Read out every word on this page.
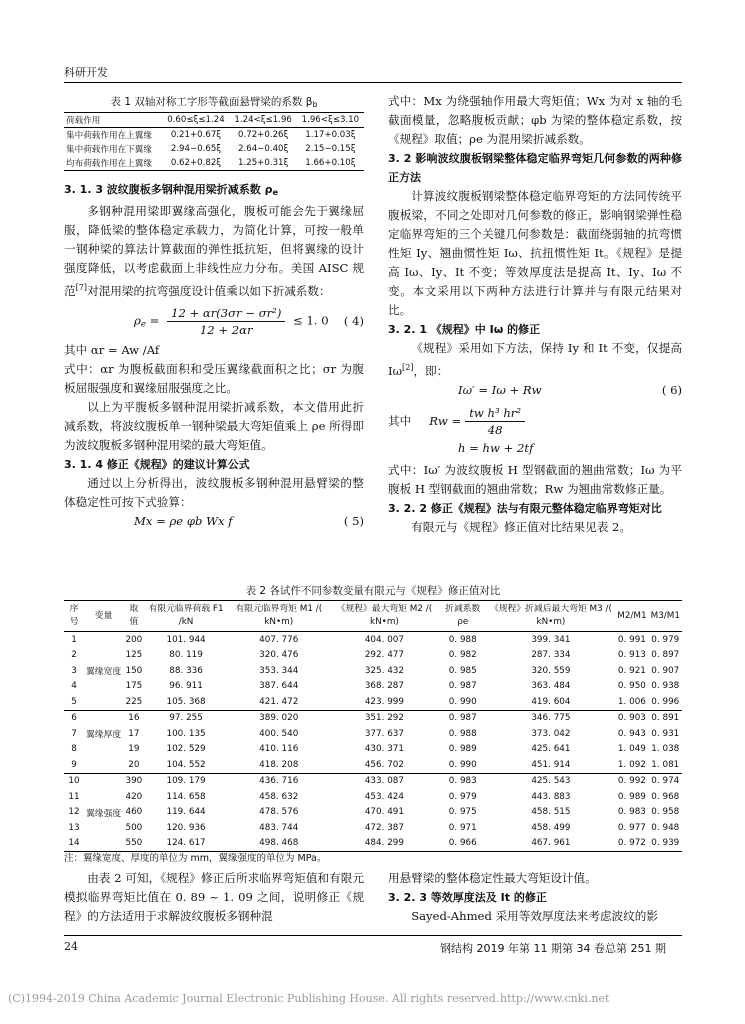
科研开发
表 1 双轴对称工字形等截面悬臂梁的系数 $\beta_b$
荷载作用	0.60≤ξ≤1.24	1.24<ξ≤1.96	1.96<ξ≤3.10
集中荷载作用在上翼缘	0.21+0.67ξ	0.72+0.26ξ	1.17+0.03ξ
集中荷载作用在下翼缘	2.94−0.65ξ	2.64−0.40ξ	2.15−0.15ξ
均布荷载作用在上翼缘	0.62+0.82ξ	1.25+0.31ξ	1.66+0.10ξ

3. 1. 3 波纹腹板多钢种混用梁折减系数 $\rho_e$

多钢种混用梁即翼缘高强化，腹板可能会先于翼缘屈服，降低梁的整体稳定承载力，为简化计算，可按一般单一钢种梁的算法计算截面的弹性抵抗矩，但将翼缘的设计强度降低，以考虑截面上非线性应力分布。美国 AISC 规范[7]对混用梁的抗弯强度设计值乘以如下折减系数：

$\rho_e = \frac{\text{12 + αr(3σr − σr²)}}{12 + 2\alpha r} \le 1$. 0 ( 4)

其中 αr = Aw /Af

式中：αr 为腹板截面积和受压翼缘截面积之比；σr 为腹板屈服强度和翼缘屈服强度之比。

以上为平腹板多钢种混用梁折减系数，本文借用此折减系数，将波纹腹板单一钢种梁最大弯矩值乘上 ρe 所得即为波纹腹板多钢种混用梁的最大弯矩值。

3. 1. 4 修正《规程》的建议计算公式

通过以上分析得出，波纹腹板多钢种混用悬臂梁的整体稳定性可按下式验算：

Mx = ρe φb Wx f	( 5)

式中：Mx 为绕强轴作用最大弯矩值；Wx 为对 x 轴的毛截面模量，忽略腹板贡献；φb 为梁的整体稳定系数，按《规程》取值；ρe 为混用梁折减系数。

3. 2 影响波纹腹板钢梁整体稳定临界弯矩几何参数的两种修正方法

计算波纹腹板钢梁整体稳定临界弯矩的方法同传统平腹板梁，不同之处即对几何参数的修正，影响钢梁弹性稳定临界弯矩的三个关键几何参数是：截面绕弱轴的抗弯惯性矩 Iy、翘曲惯性矩 Iω、抗扭惯性矩 It。《规程》是提高 Iω、Iy、It 不变；等效厚度法是提高 It、Iy、Iω 不变。本文采用以下两种方法进行计算并与有限元结果对比。

3. 2. 1 《规程》中 Iω 的修正

《规程》采用如下方法，保持 Iy 和 It 不变，仅提高 Iω[2]，即：

Iω′ = Iω + Rw	( 6)
其中 $Rw = \frac{\text{tw h³ hr²}}{48}$
h = hw + 2tf

式中：Iω′ 为波纹腹板 H 型钢截面的翘曲常数；Iω 为平腹板 H 型钢截面的翘曲常数；Rw 为翘曲常数修正量。

3. 2. 2 修正《规程》法与有限元整体稳定临界弯矩对比

有限元与《规程》修正值对比结果见表 2。

表 2 各试件不同参数变量有限元与《规程》修正值对比
序号	变量	取值	有限元临界荷载 F1 /kN	有限元临界弯矩 M1 /( kN•m)	《规程》最大弯矩 M2 /( kN•m)	折减系数 ρe	《规程》折减后最大弯矩 M3 /( kN•m)	M2/M1	M3/M1
1		200	101. 944	407. 776	404. 007	0. 988	399. 341	0. 991	0. 979
2		125	80. 119	320. 476	292. 477	0. 982	287. 334	0. 913	0. 897
3	翼缘宽度	150	88. 336	353. 344	325. 432	0. 985	320. 559	0. 921	0. 907
4		175	96. 911	387. 644	368. 287	0. 987	363. 484	0. 950	0. 938
5		225	105. 368	421. 472	423. 999	0. 990	419. 604	1. 006	0. 996
6		16	97. 255	389. 020	351. 292	0. 987	346. 775	0. 903	0. 891
7	翼缘厚度	17	100. 135	400. 540	377. 637	0. 988	373. 042	0. 943	0. 931
8		19	102. 529	410. 116	430. 371	0. 989	425. 641	1. 049	1. 038
9		20	104. 552	418. 208	456. 702	0. 990	451. 914	1. 092	1. 081
10		390	109. 179	436. 716	433. 087	0. 983	425. 543	0. 992	0. 974
11		420	114. 658	458. 632	453. 424	0. 979	443. 883	0. 989	0. 968
12	翼缘强度	460	119. 644	478. 576	470. 491	0. 975	458. 515	0. 983	0. 958
13		500	120. 936	483. 744	472. 387	0. 971	458. 499	0. 977	0. 948
14		550	124. 617	498. 468	484. 299	0. 966	467. 961	0. 972	0. 939
注：翼缘宽度、厚度的单位为 mm，翼缘强度的单位为 MPa。

由表 2 可知，《规程》修正后所求临界弯矩值和有限元模拟临界弯矩比值在 0. 89 ~ 1. 09 之间，说明修正《规程》的方法适用于求解波纹腹板多钢种混

用悬臂梁的整体稳定性最大弯矩设计值。

3. 2. 3 等效厚度法及 It 的修正

Sayed-Ahmed 采用等效厚度法来考虑波纹的影

24	钢结构 2019 年第 11 期第 34 卷总第 251 期
(C)1994-2019 China Academic Journal Electronic Publishing House. All rights reserved. http://www.cnki.net
